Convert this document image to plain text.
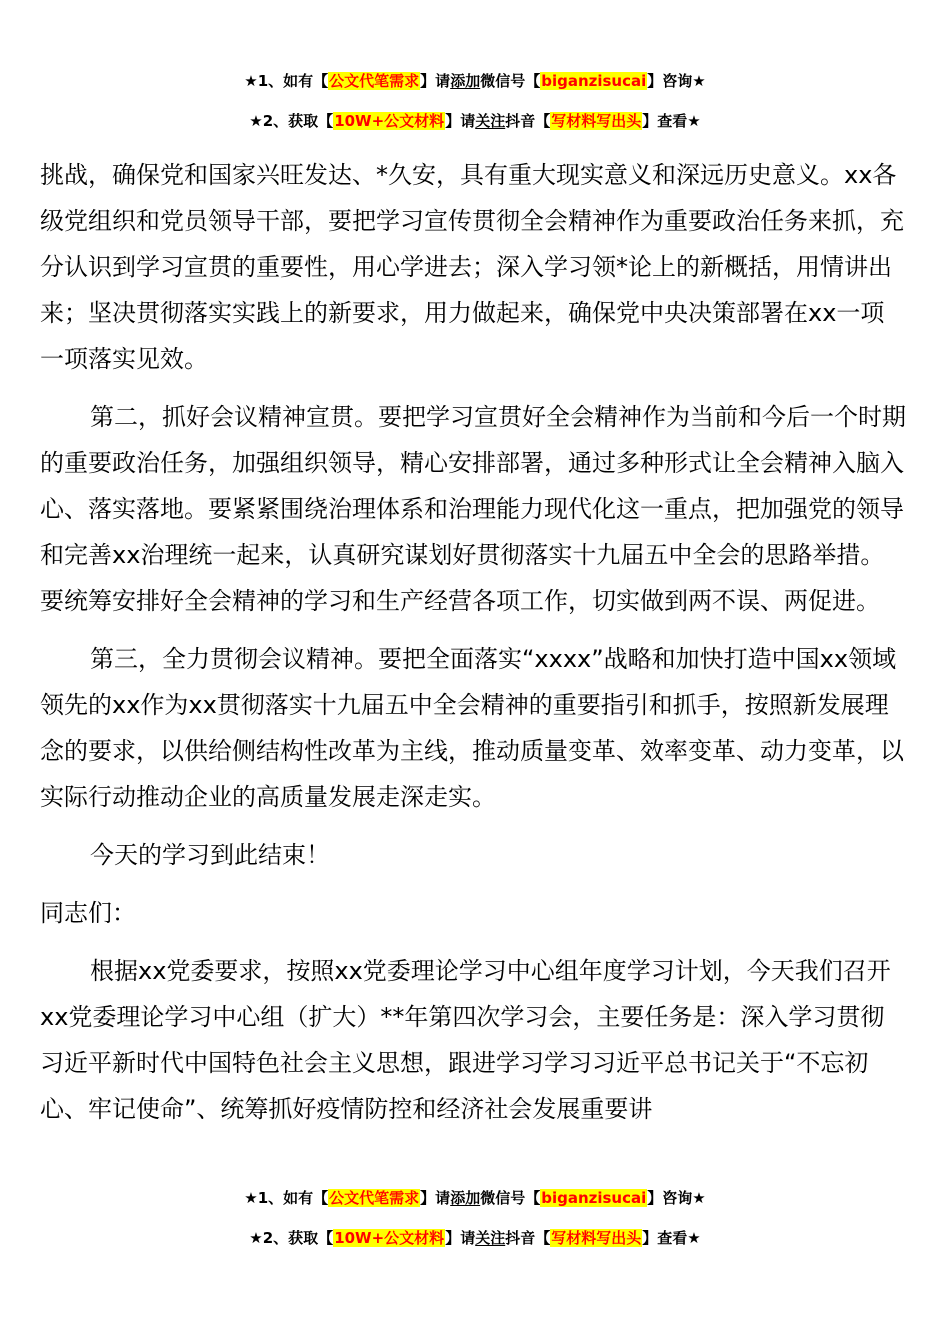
★1、如有【公文代笔需求】请添加微信号【biganzisucai】咨询★
★2、获取【10W+公文材料】请关注抖音【写材料写出头】查看★

挑战，确保党和国家兴旺发达、*久安，具有重大现实意义和深远历史意义。xx各级党组织和党员领导干部，要把学习宣传贯彻全会精神作为重要政治任务来抓，充分认识到学习宣贯的重要性，用心学进去；深入学习领*论上的新概括，用情讲出来；坚决贯彻落实实践上的新要求，用力做起来，确保党中央决策部署在xx一项一项落实见效。

第二，抓好会议精神宣贯。要把学习宣贯好全会精神作为当前和今后一个时期的重要政治任务，加强组织领导，精心安排部署，通过多种形式让全会精神入脑入心、落实落地。要紧紧围绕治理体系和治理能力现代化这一重点，把加强党的领导和完善xx治理统一起来，认真研究谋划好贯彻落实十九届五中全会的思路举措。要统筹安排好全会精神的学习和生产经营各项工作，切实做到两不误、两促进。

第三，全力贯彻会议精神。要把全面落实“xxxx”战略和加快打造中国xx领域领先的xx作为xx贯彻落实十九届五中全会精神的重要指引和抓手，按照新发展理念的要求，以供给侧结构性改革为主线，推动质量变革、效率变革、动力变革，以实际行动推动企业的高质量发展走深走实。

今天的学习到此结束！

同志们：

根据xx党委要求，按照xx党委理论学习中心组年度学习计划，今天我们召开xx党委理论学习中心组（扩大）**年第四次学习会，主要任务是：深入学习贯彻习近平新时代中国特色社会主义思想，跟进学习学习习近平总书记关于“不忘初心、牢记使命”、统筹抓好疫情防控和经济社会发展重要讲

★1、如有【公文代笔需求】请添加微信号【biganzisucai】咨询★
★2、获取【10W+公文材料】请关注抖音【写材料写出头】查看★
